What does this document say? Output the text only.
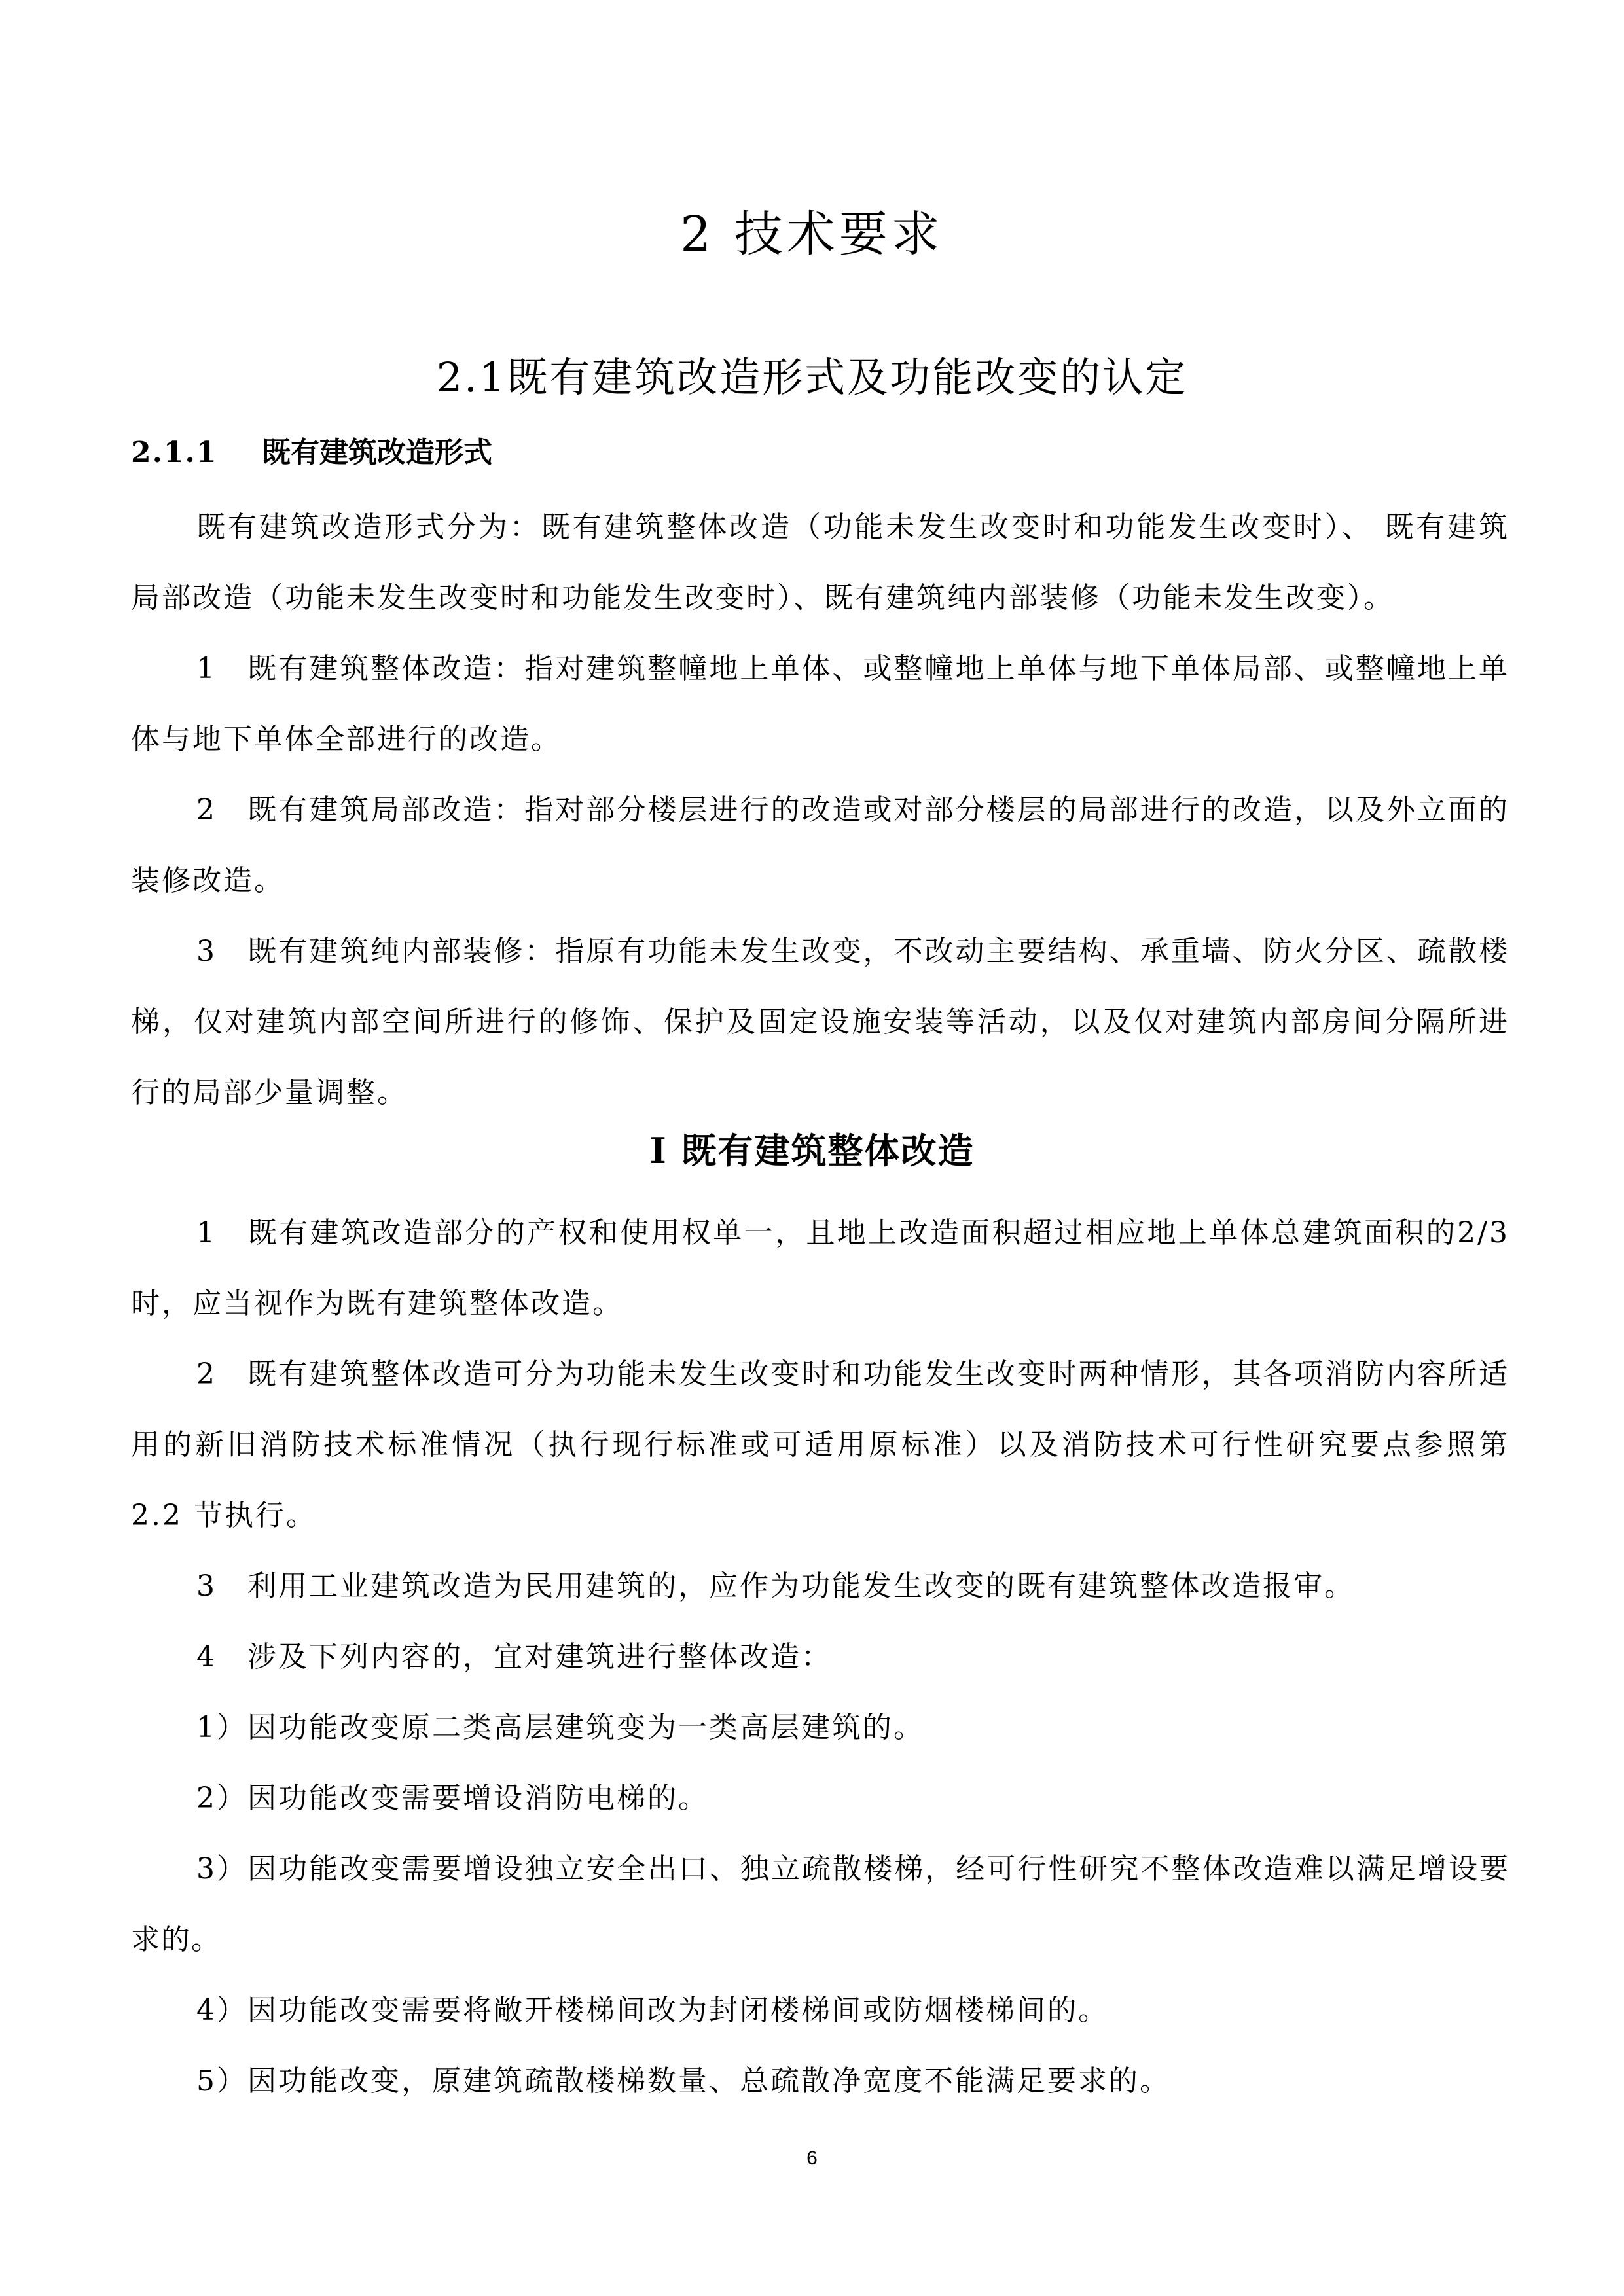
2 技术要求
2.1既有建筑改造形式及功能改变的认定
2.1.1 既有建筑改造形式

既有建筑改造形式分为：既有建筑整体改造（功能未发生改变时和功能发生改变时）、 既有建筑局部改造（功能未发生改变时和功能发生改变时）、既有建筑纯内部装修（功能未发生改变）。

1　既有建筑整体改造：指对建筑整幢地上单体、或整幢地上单体与地下单体局部、或整幢地上单体与地下单体全部进行的改造。

2　既有建筑局部改造：指对部分楼层进行的改造或对部分楼层的局部进行的改造，以及外立面的装修改造。

3　既有建筑纯内部装修：指原有功能未发生改变，不改动主要结构、承重墙、防火分区、疏散楼梯，仅对建筑内部空间所进行的修饰、保护及固定设施安装等活动，以及仅对建筑内部房间分隔所进行的局部少量调整。

Ⅰ 既有建筑整体改造

1　既有建筑改造部分的产权和使用权单一，且地上改造面积超过相应地上单体总建筑面积的2/3 时，应当视作为既有建筑整体改造。

2　既有建筑整体改造可分为功能未发生改变时和功能发生改变时两种情形，其各项消防内容所适用的新旧消防技术标准情况（执行现行标准或可适用原标准）以及消防技术可行性研究要点参照第 2.2 节执行。

3　利用工业建筑改造为民用建筑的，应作为功能发生改变的既有建筑整体改造报审。

4　涉及下列内容的，宜对建筑进行整体改造：

1）因功能改变原二类高层建筑变为一类高层建筑的。

2）因功能改变需要增设消防电梯的。

3）因功能改变需要增设独立安全出口、独立疏散楼梯，经可行性研究不整体改造难以满足增设要求的。

4）因功能改变需要将敞开楼梯间改为封闭楼梯间或防烟楼梯间的。

5）因功能改变，原建筑疏散楼梯数量、总疏散净宽度不能满足要求的。

6
